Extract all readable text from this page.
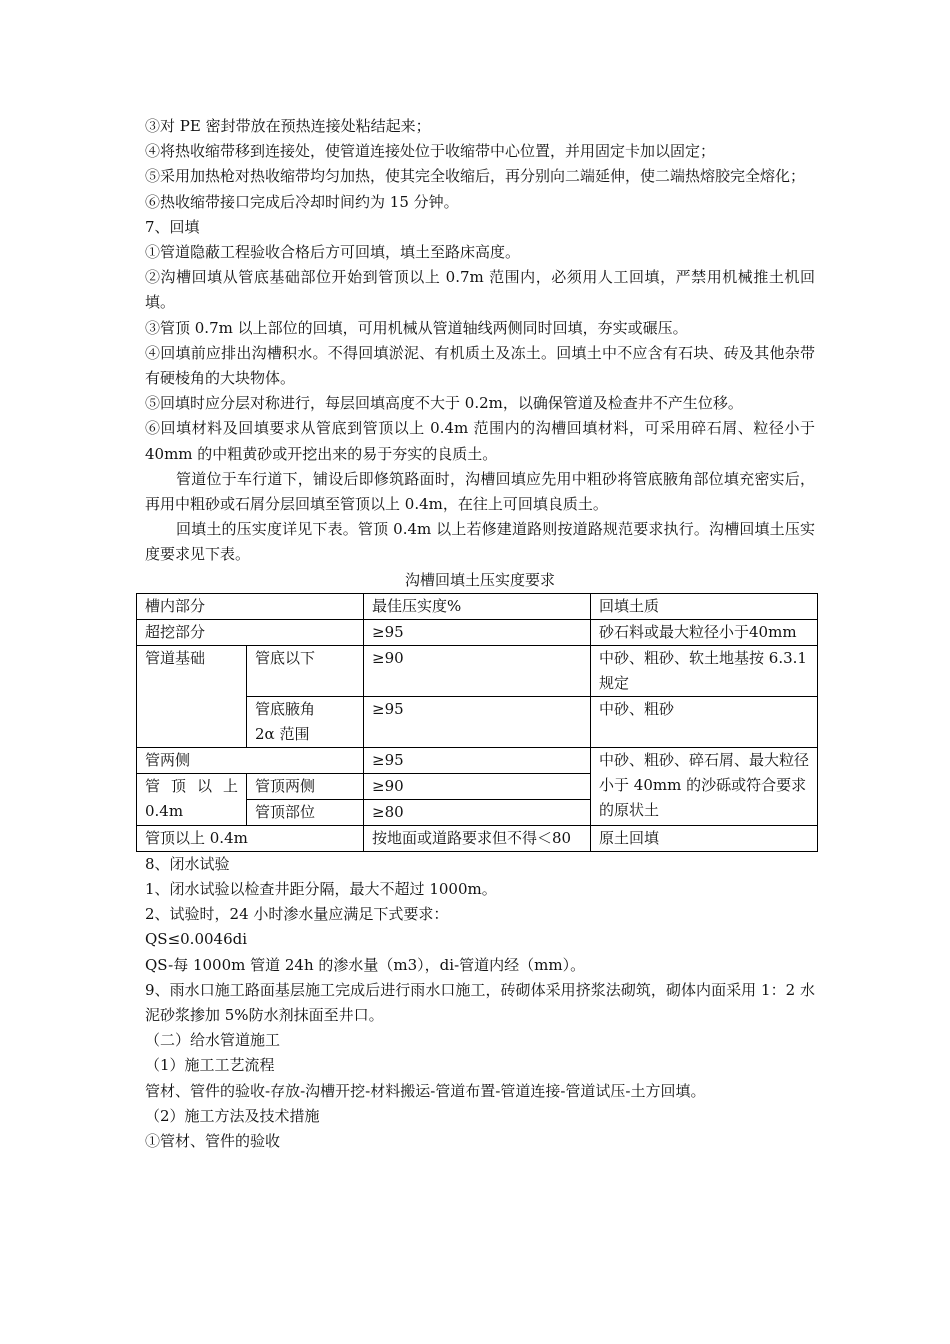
③对 PE 密封带放在预热连接处粘结起来；

④将热收缩带移到连接处，使管道连接处位于收缩带中心位置，并用固定卡加以固定；

⑤采用加热枪对热收缩带均匀加热，使其完全收缩后，再分别向二端延伸，使二端热熔胶完全熔化；

⑥热收缩带接口完成后冷却时间约为 15 分钟。

7、回填

①管道隐蔽工程验收合格后方可回填，填土至路床高度。

②沟槽回填从管底基础部位开始到管顶以上 0.7m 范围内，必须用人工回填，严禁用机械推土机回填。

③管顶 0.7m 以上部位的回填，可用机械从管道轴线两侧同时回填，夯实或碾压。

④回填前应排出沟槽积水。不得回填淤泥、有机质土及冻土。回填土中不应含有石块、砖及其他杂带有硬棱角的大块物体。

⑤回填时应分层对称进行，每层回填高度不大于 0.2m，以确保管道及检查井不产生位移。

⑥回填材料及回填要求从管底到管顶以上 0.4m 范围内的沟槽回填材料，可采用碎石屑、粒径小于 40mm 的中粗黄砂或开挖出来的易于夯实的良质土。

管道位于车行道下，铺设后即修筑路面时，沟槽回填应先用中粗砂将管底腋角部位填充密实后，再用中粗砂或石屑分层回填至管顶以上 0.4m，在往上可回填良质土。

回填土的压实度详见下表。管顶 0.4m 以上若修建道路则按道路规范要求执行。沟槽回填土压实度要求见下表。

沟槽回填土压实度要求

槽内部分		最佳压实度%	回填土质
超挖部分		≥95	砂石料或最大粒径小于40mm
管道基础	管底以下	≥90	中砂、粗砂、软土地基按 6.3.1 规定
	管底腋角 2α 范围	≥95	中砂、粗砂
管两侧		≥95	中砂、粗砂、碎石屑、最大粒径小于 40mm 的沙砾或符合要求的原状土

管 顶 以 上
0.4m	管顶两侧	≥90	
	管顶部位	≥80	
管顶以上 0.4m		按地面或道路要求但不得＜80	原土回填

8、闭水试验

1、闭水试验以检查井距分隔，最大不超过 1000m。

2、试验时，24 小时渗水量应满足下式要求：

QS≤0.0046di

QS-每 1000m 管道 24h 的渗水量（m3），di-管道内经（mm）。

9、雨水口施工路面基层施工完成后进行雨水口施工，砖砌体采用挤浆法砌筑，砌体内面采用 1：2 水泥砂浆掺加 5%防水剂抹面至井口。

（二）给水管道施工

（1）施工工艺流程

管材、管件的验收-存放-沟槽开挖-材料搬运-管道布置-管道连接-管道试压-土方回填。

（2）施工方法及技术措施

①管材、管件的验收
